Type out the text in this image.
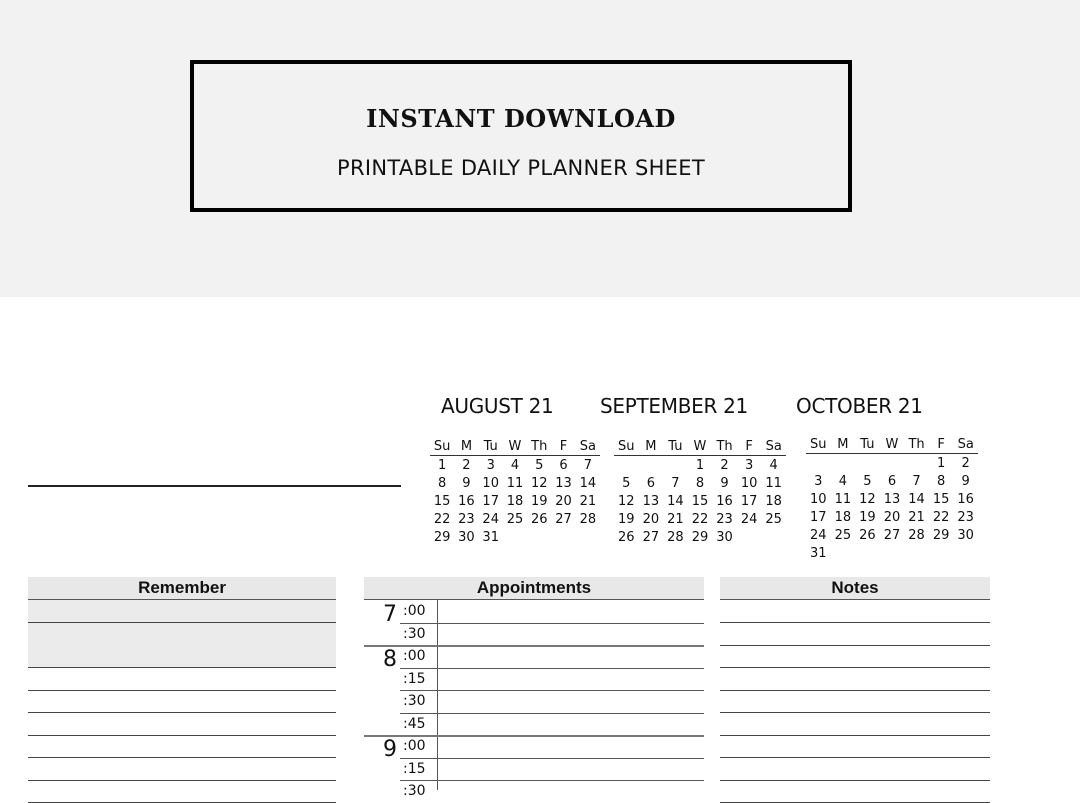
INSTANT DOWNLOAD
PRINTABLE DAILY PLANNER SHEET
AUGUST 21 SEPTEMBER 21 OCTOBER 21
Su	M	Tu	W	Th	F	Sa
1	2	3	4	5	6	7
8	9	10	11	12	13	14
15	16	17	18	19	20	21
22	23	24	25	26	27	28
29	30	31				
Su	M	Tu	W	Th	F	Sa
			1	2	3	4
5	6	7	8	9	10	11
12	13	14	15	16	17	18
19	20	21	22	23	24	25
26	27	28	29	30		
Su	M	Tu	W	Th	F	Sa
					1	2
3	4	5	6	7	8	9
10	11	12	13	14	15	16
17	18	19	20	21	22	23
24	25	26	27	28	29	30
31						
Remember	Appointments
7 :00
:30
8 :00
:15
:30
:45
9 :00
:15
:30
Notes
